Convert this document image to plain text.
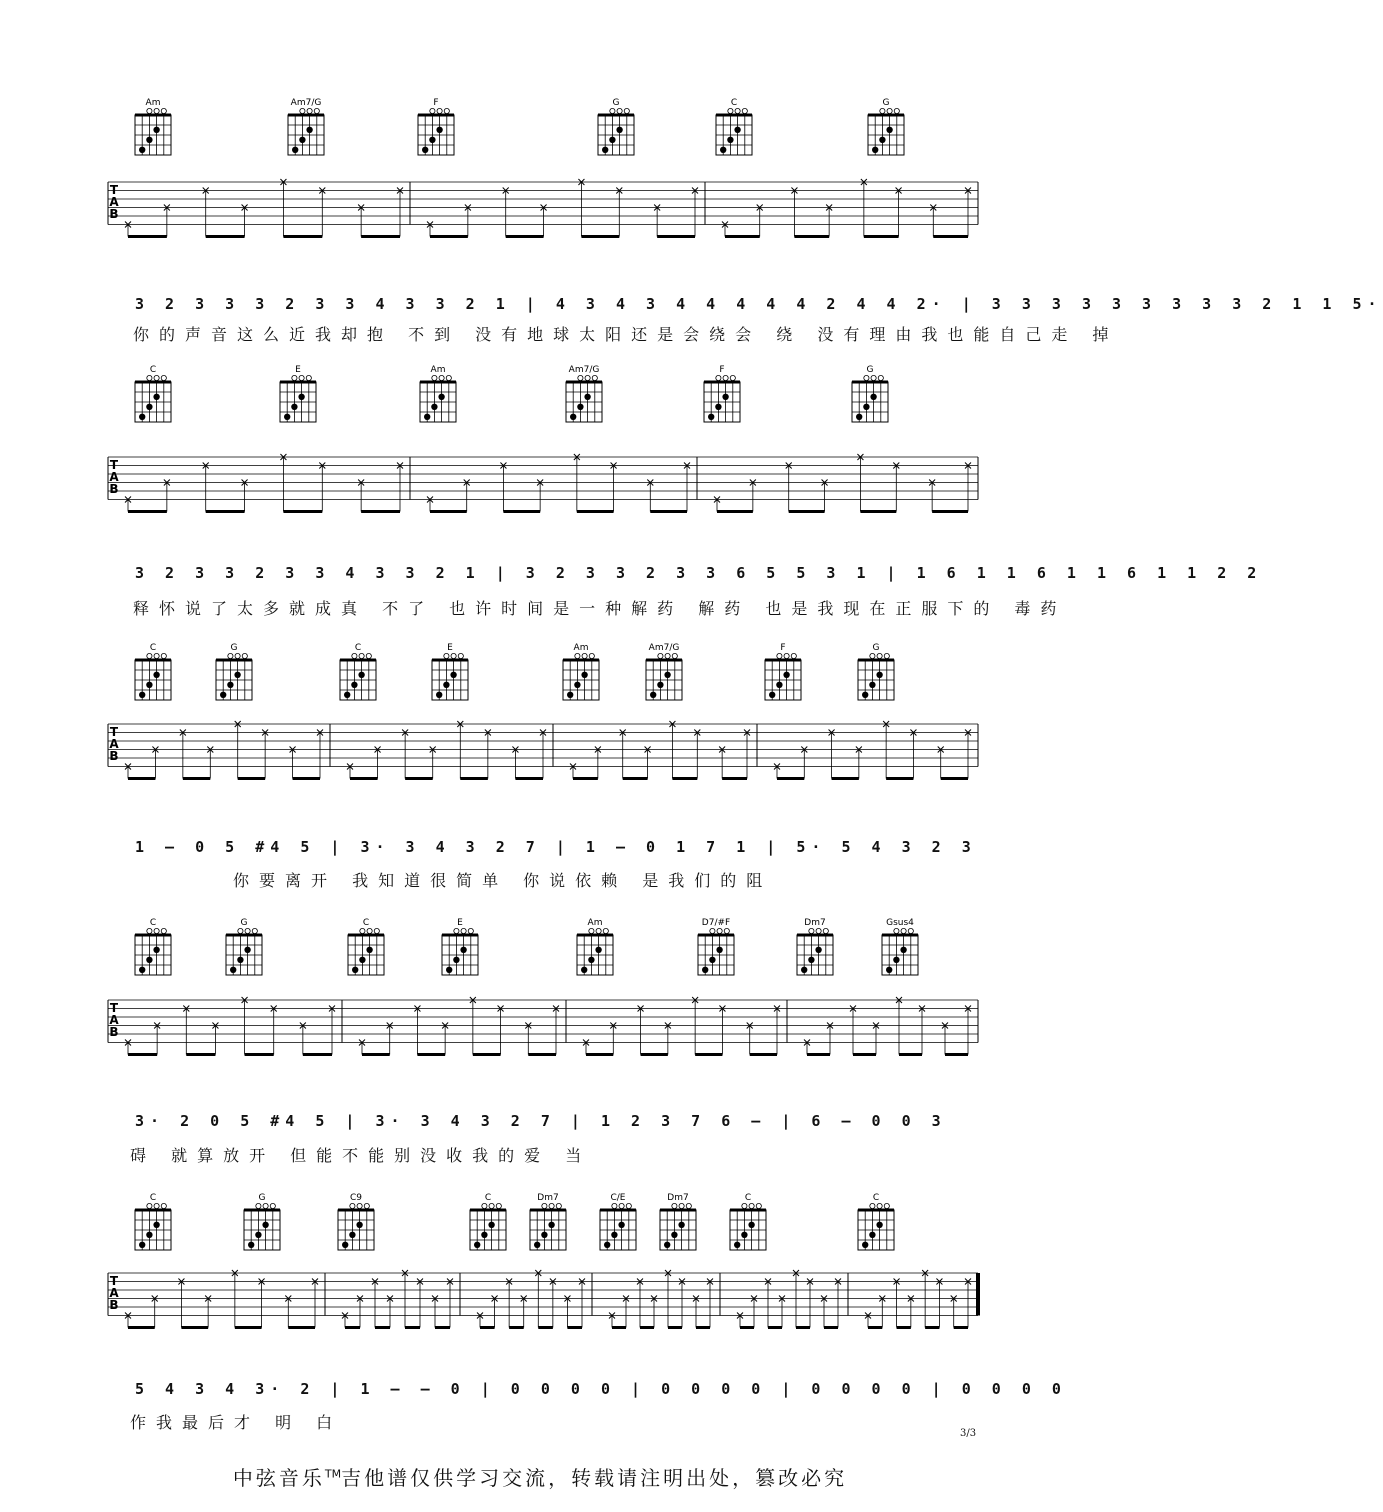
Am	Am7/G	F	G	C	G
T
A
B
3 2 3 3 3 2 3 3 4 3 3 2 1 | 4 3 4 3 4 4 4 4 4 2 4 4 2· | 3 3 3 3 3 3 3 3 3 2 1 1 5·
你的声音这么近我却抱 不到 没有地球太阳还是会绕会 绕 没有理由我也能自己走 掉
C	E	Am	Am7/G	F	G
T
A
B
3 2 3 3 2 3 3 4 3 3 2 1 | 3 2 3 3 2 3 3 6 5 5 3 1 | 1 6 1 1 6 1 1 6 1 1 2 2
释怀说了太多就成真 不了 也许时间是一种解药 解药 也是我现在正服下的 毒药
C	G	C	E	Am	Am7/G	F	G
T
A
B
1 – 0 5 #4 5 | 3· 3 4 3 2 7 | 1 – 0 1 7 1 | 5· 5 4 3 2 3
你要离开 我知道很简单 你说依赖 是我们的阻
C	G	C	E	Am	D7/#F	Dm7	Gsus4
T
A
B
3· 2 0 5 #4 5 | 3· 3 4 3 2 7 | 1 2 3 7 6 – | 6 – 0 0 3
碍 就算放开 但能不能别没收我的爱 当
C	G	C9	C	Dm7	C/E	Dm7	C	C
T
A
B
5 4 3 4 3· 2 | 1 – – 0 | 0 0 0 0 | 0 0 0 0 | 0 0 0 0 | 0 0 0 0
作我最后才 明 白
3/3
中弦音乐™吉他谱仅供学习交流，转载请注明出处，篡改必究
